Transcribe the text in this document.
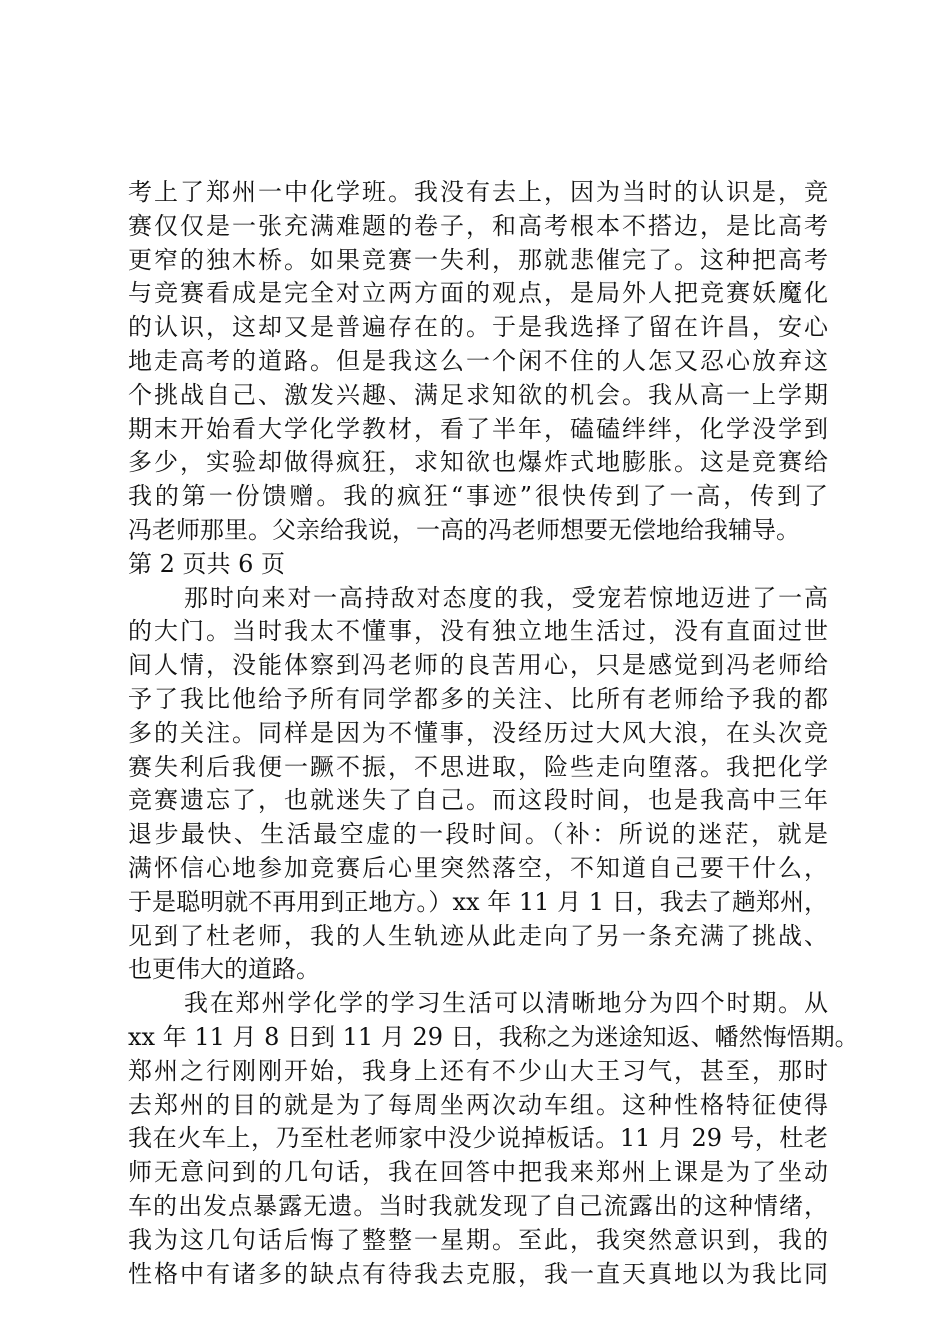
考上了郑州一中化学班。我没有去上，因为当时的认识是，竞
赛仅仅是一张充满难题的卷子，和高考根本不搭边，是比高考
更窄的独木桥。如果竞赛一失利，那就悲催完了。这种把高考
与竞赛看成是完全对立两方面的观点，是局外人把竞赛妖魔化
的认识，这却又是普遍存在的。于是我选择了留在许昌，安心
地走高考的道路。但是我这么一个闲不住的人怎又忍心放弃这
个挑战自己、激发兴趣、满足求知欲的机会。我从高一上学期
期末开始看大学化学教材，看了半年，磕磕绊绊，化学没学到
多少，实验却做得疯狂，求知欲也爆炸式地膨胀。这是竞赛给
我的第一份馈赠。我的疯狂“事迹”很快传到了一高，传到了
冯老师那里。父亲给我说，一高的冯老师想要无偿地给我辅导。
第 2 页共 6 页
那时向来对一高持敌对态度的我，受宠若惊地迈进了一高
的大门。当时我太不懂事，没有独立地生活过，没有直面过世
间人情，没能体察到冯老师的良苦用心，只是感觉到冯老师给
予了我比他给予所有同学都多的关注、比所有老师给予我的都
多的关注。同样是因为不懂事，没经历过大风大浪，在头次竞
赛失利后我便一蹶不振，不思进取，险些走向堕落。我把化学
竞赛遗忘了，也就迷失了自己。而这段时间，也是我高中三年
退步最快、生活最空虚的一段时间。（补：所说的迷茫，就是
满怀信心地参加竞赛后心里突然落空，不知道自己要干什么，
于是聪明就不再用到正地方。）xx 年 11 月 1 日，我去了趟郑州，
见到了杜老师，我的人生轨迹从此走向了另一条充满了挑战、
也更伟大的道路。
我在郑州学化学的学习生活可以清晰地分为四个时期。从
xx 年 11 月 8 日到 11 月 29 日，我称之为迷途知返、幡然悔悟期。
郑州之行刚刚开始，我身上还有不少山大王习气，甚至，那时
去郑州的目的就是为了每周坐两次动车组。这种性格特征使得
我在火车上，乃至杜老师家中没少说掉板话。11 月 29 号，杜老
师无意问到的几句话，我在回答中把我来郑州上课是为了坐动
车的出发点暴露无遗。当时我就发现了自己流露出的这种情绪，
我为这几句话后悔了整整一星期。至此，我突然意识到，我的
性格中有诸多的缺点有待我去克服，我一直天真地以为我比同
